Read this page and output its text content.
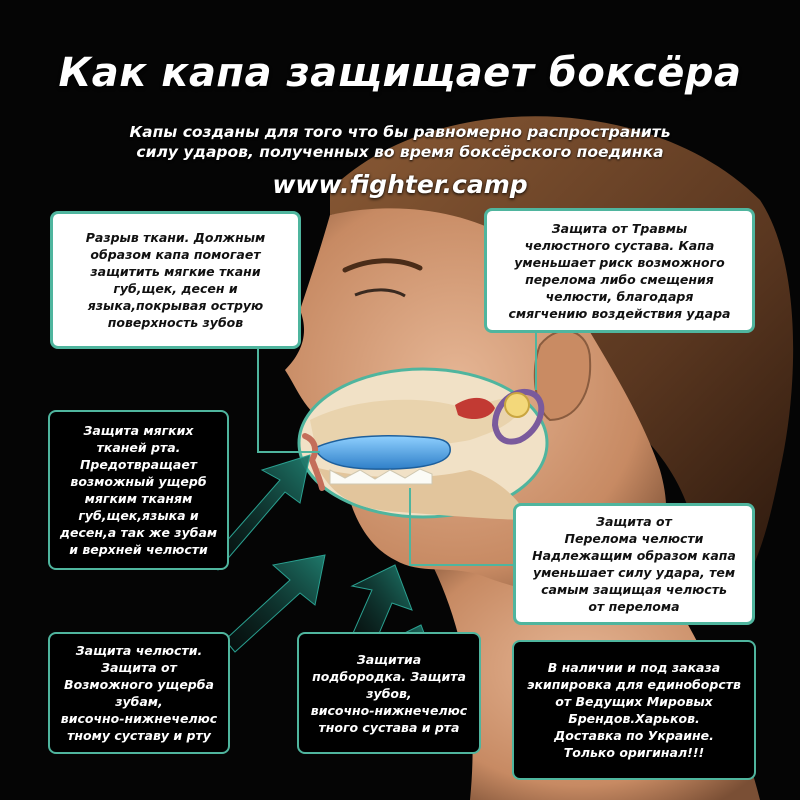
Как капа защищает боксёра
Капы созданы для того что бы равномерно распространить
силу ударов, полученных во время боксёрского поединка
www.fighter.camp
Разрыв ткани. Должным
образом капа помогает
защитить мягкие ткани
губ,щек, десен и
языка,покрывая острую
поверхность зубов
Защита от Травмы
челюстного сустава. Капа
уменьшает риск возможного
перелома либо смещения
челюсти, благодаря
смягчению воздействия удара
Защита мягких
тканей рта.
Предотвращает
возможный ущерб
мягким тканям
губ,щек,языка и
десен,а так же зубам
и верхней челюсти
Защита от
Перелома челюсти
Надлежащим образом капа
уменьшает силу удара, тем
самым защищая челюсть
от перелома
Защита челюсти.
Защита от
Возможного ущерба
зубам,
височно-нижнечелюс
тному суставу и рту
Защитиа
подбородка. Защита
зубов,
височно-нижнечелюс
тного сустава и рта
В наличии и под заказа
экипировка для единоборств
от Ведущих Мировых
Брендов.Харьков.
Доставка по Украине.
Только оригинал!!!
